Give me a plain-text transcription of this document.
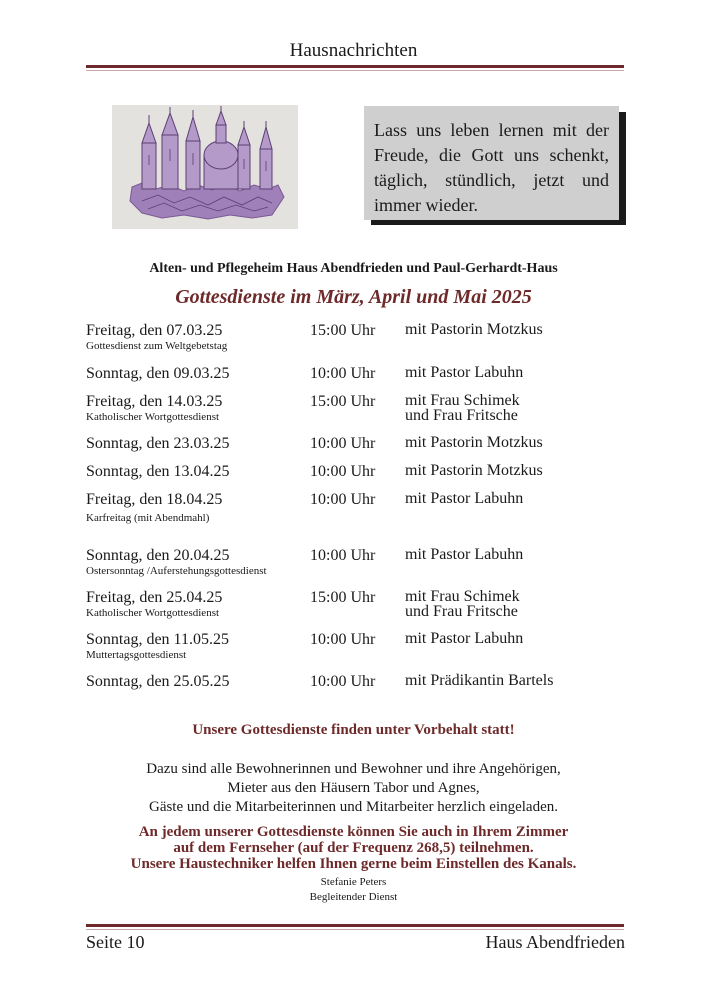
Hausnachrichten
Lass uns leben lernen mit der
Freude, die Gott uns schenkt,
täglich, stündlich, jetzt und
immer wieder.
Alten- und Pflegeheim Haus Abendfrieden und Paul-Gerhardt-Haus
Gottesdienste im März, April und Mai 2025
Freitag, den 07.03.25	15:00 Uhr mit Pastorin Motzkus
Gottesdienst zum Weltgebetstag
Sonntag, den 09.03.25	10:00 Uhr mit Pastor Labuhn
Freitag, den 14.03.25	15:00 Uhr mit Frau Schimek
und Frau Fritsche
Katholischer Wortgottesdienst
Sonntag, den 23.03.25	10:00 Uhr mit Pastorin Motzkus
Sonntag, den 13.04.25	10:00 Uhr mit Pastorin Motzkus
Freitag, den 18.04.25	10:00 Uhr mit Pastor Labuhn
Karfreitag (mit Abendmahl)
Sonntag, den 20.04.25	10:00 Uhr mit Pastor Labuhn
Ostersonntag /Auferstehungsgottesdienst
Freitag, den 25.04.25	15:00 Uhr mit Frau Schimek
und Frau Fritsche
Katholischer Wortgottesdienst
Sonntag, den 11.05.25	10:00 Uhr mit Pastor Labuhn
Muttertagsgottesdienst
Sonntag, den 25.05.25	10:00 Uhr mit Prädikantin Bartels
Unsere Gottesdienste finden unter Vorbehalt statt!
Dazu sind alle Bewohnerinnen und Bewohner und ihre Angehörigen,
Mieter aus den Häusern Tabor und Agnes,
Gäste und die Mitarbeiterinnen und Mitarbeiter herzlich eingeladen.
An jedem unserer Gottesdienste können Sie auch in Ihrem Zimmer
auf dem Fernseher (auf der Frequenz 268,5) teilnehmen.
Unsere Haustechniker helfen Ihnen gerne beim Einstellen des Kanals.
Stefanie Peters
Begleitender Dienst
Seite 10	Haus Abendfrieden
